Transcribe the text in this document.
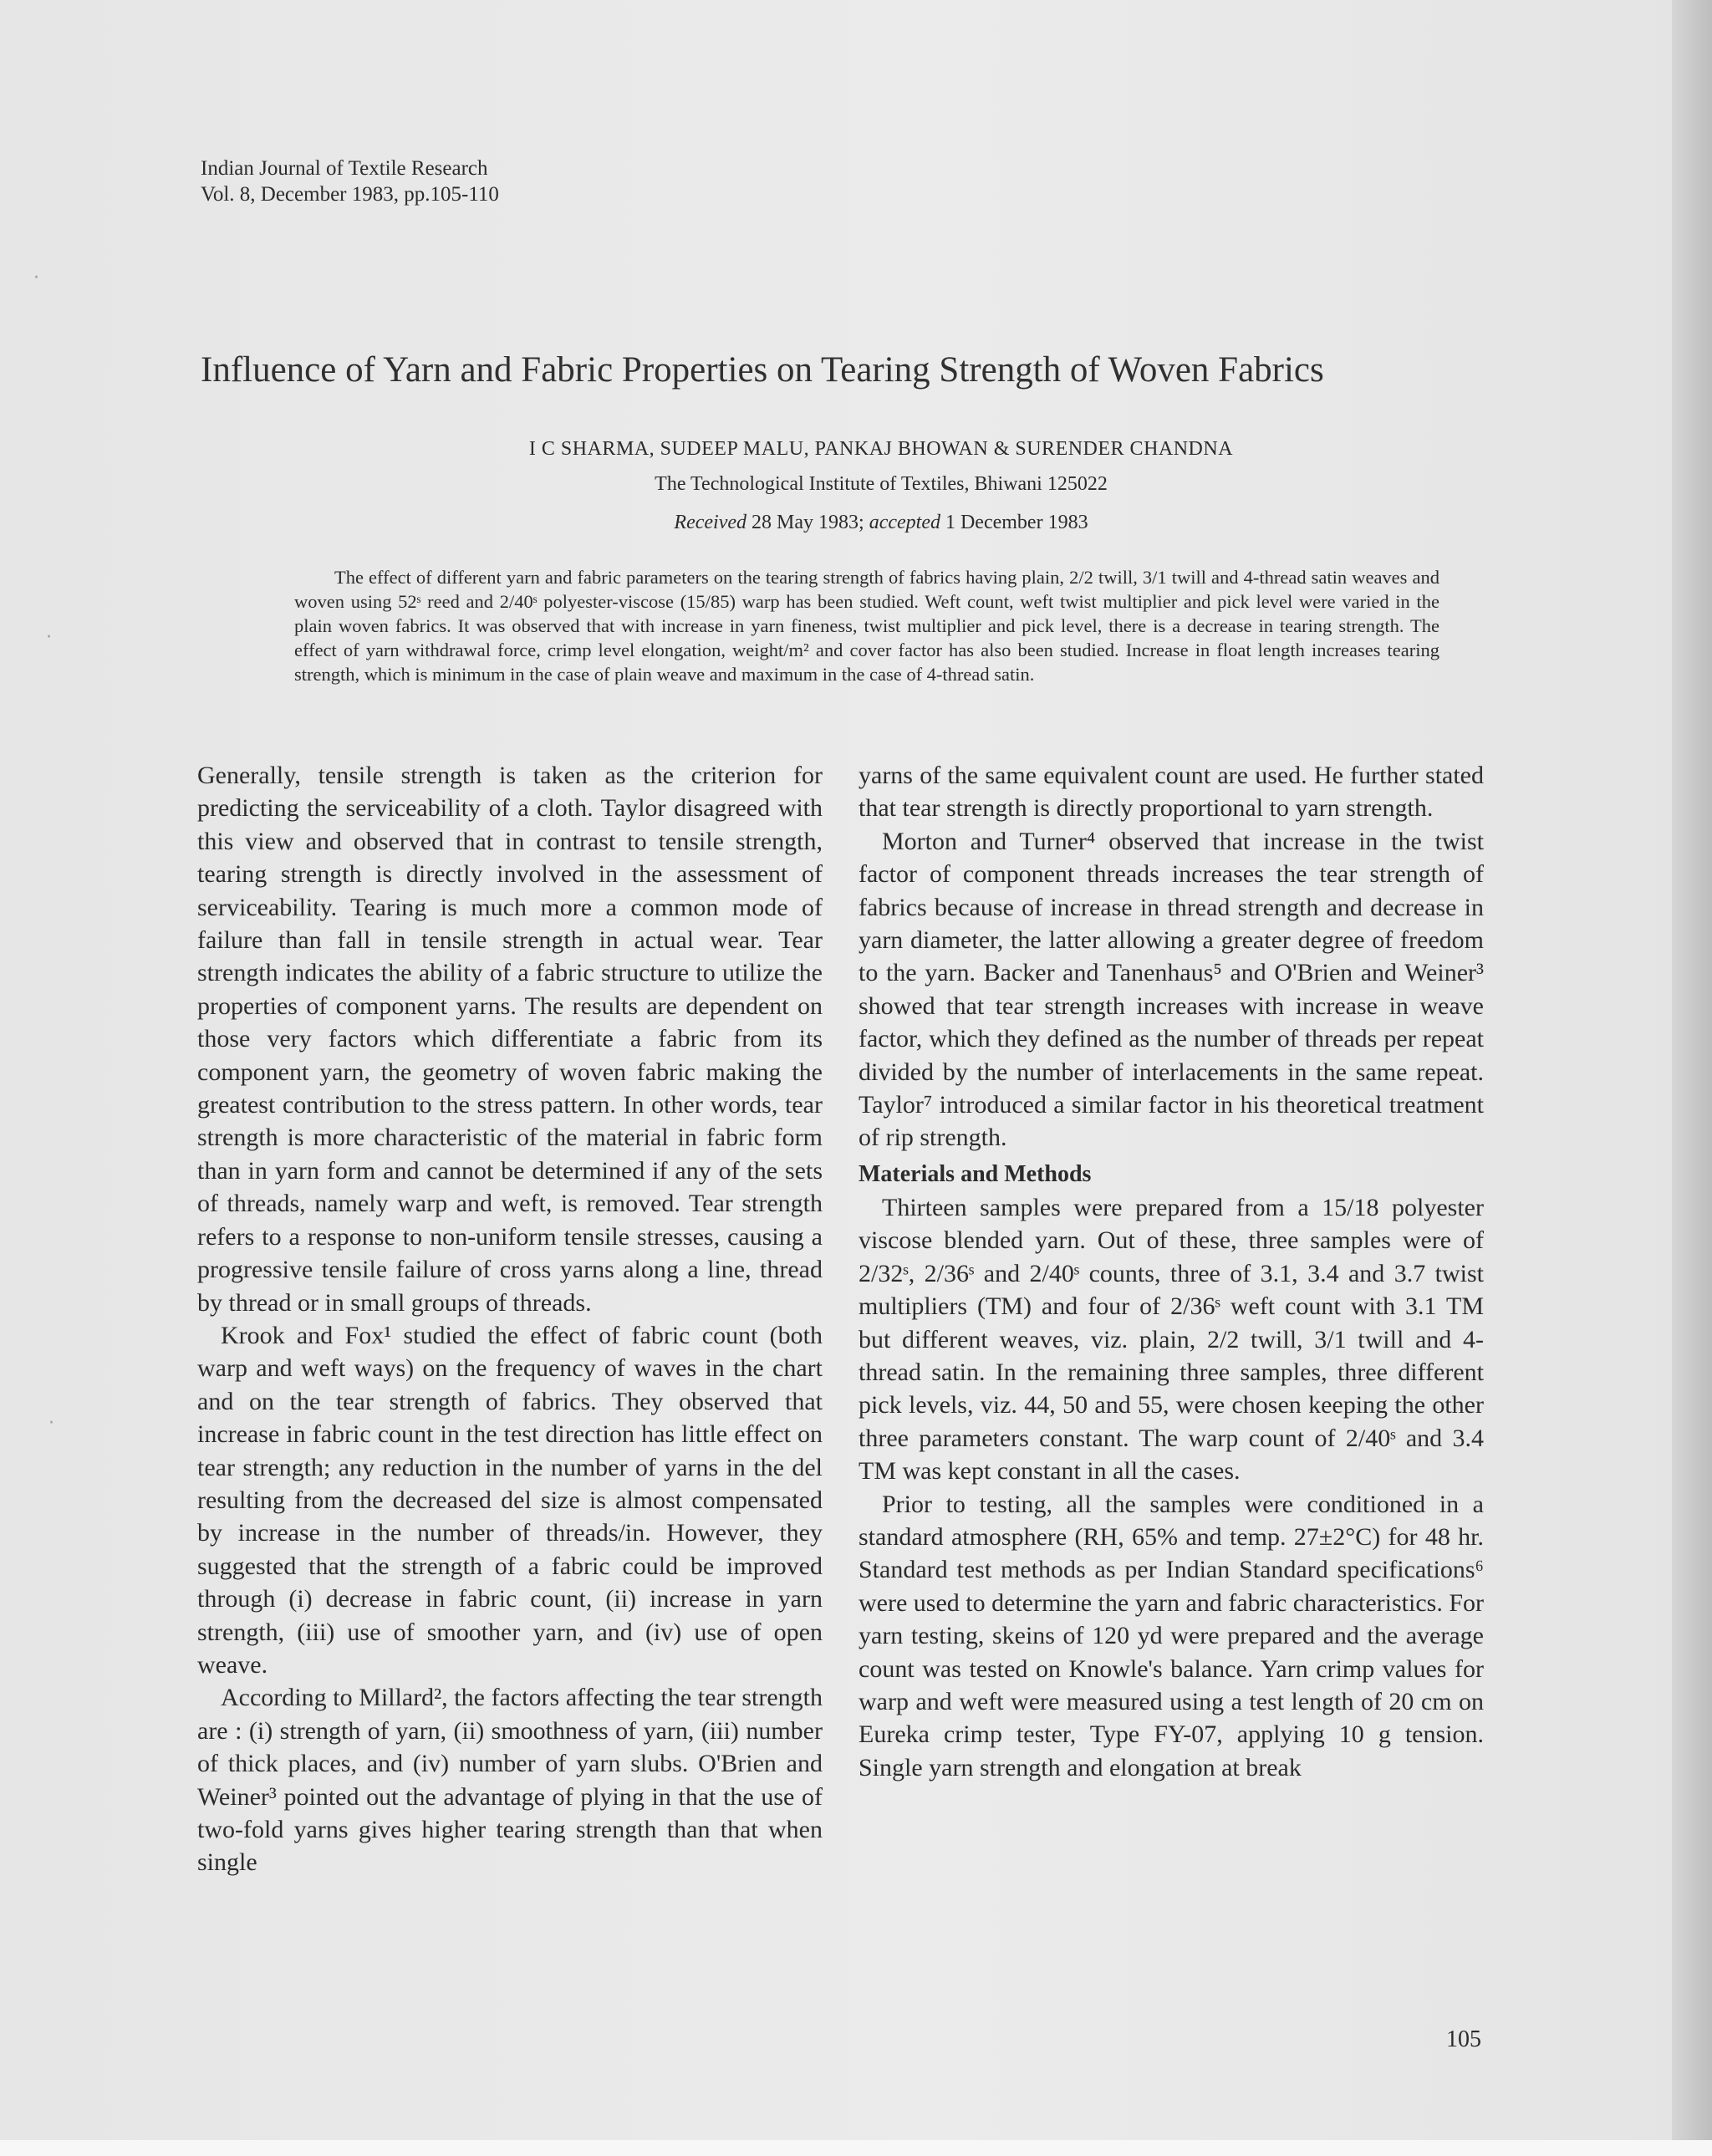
·
·
·
Indian Journal of Textile Research
Vol. 8, December 1983, pp.105-110
Influence of Yarn and Fabric Properties on Tearing Strength of Woven Fabrics
I C SHARMA, SUDEEP MALU, PANKAJ BHOWAN & SURENDER CHANDNA
The Technological Institute of Textiles, Bhiwani 125022
Received 28 May 1983; accepted 1 December 1983
The effect of different yarn and fabric parameters on the tearing strength of fabrics having plain, 2/2 twill, 3/1 twill and 4-thread satin weaves and woven using 52ˢ reed and 2/40ˢ polyester-viscose (15/85) warp has been studied. Weft count, weft twist multiplier and pick level were varied in the plain woven fabrics. It was observed that with increase in yarn fineness, twist multiplier and pick level, there is a decrease in tearing strength. The effect of yarn withdrawal force, crimp level elongation, weight/m² and cover factor has also been studied. Increase in float length increases tearing strength, which is minimum in the case of plain weave and maximum in the case of 4-thread satin.

Generally, tensile strength is taken as the criterion for predicting the serviceability of a cloth. Taylor disagreed with this view and observed that in contrast to tensile strength, tearing strength is directly involved in the assessment of serviceability. Tearing is much more a common mode of failure than fall in tensile strength in actual wear. Tear strength indicates the ability of a fabric structure to utilize the properties of component yarns. The results are dependent on those very factors which differentiate a fabric from its component yarn, the geometry of woven fabric making the greatest contribution to the stress pattern. In other words, tear strength is more characteristic of the material in fabric form than in yarn form and cannot be determined if any of the sets of threads, namely warp and weft, is removed. Tear strength refers to a response to non-uniform tensile stresses, causing a progressive tensile failure of cross yarns along a line, thread by thread or in small groups of threads.

Krook and Fox¹ studied the effect of fabric count (both warp and weft ways) on the frequency of waves in the chart and on the tear strength of fabrics. They observed that increase in fabric count in the test direction has little effect on tear strength; any reduction in the number of yarns in the del resulting from the decreased del size is almost compensated by increase in the number of threads/in. However, they suggested that the strength of a fabric could be improved through (i) decrease in fabric count, (ii) increase in yarn strength, (iii) use of smoother yarn, and (iv) use of open weave.

According to Millard², the factors affecting the tear strength are : (i) strength of yarn, (ii) smoothness of yarn, (iii) number of thick places, and (iv) number of yarn slubs. O'Brien and Weiner³ pointed out the advantage of plying in that the use of two-fold yarns gives higher tearing strength than that when single

yarns of the same equivalent count are used. He further stated that tear strength is directly proportional to yarn strength.

Morton and Turner⁴ observed that increase in the twist factor of component threads increases the tear strength of fabrics because of increase in thread strength and decrease in yarn diameter, the latter allowing a greater degree of freedom to the yarn. Backer and Tanenhaus⁵ and O'Brien and Weiner³ showed that tear strength increases with increase in weave factor, which they defined as the number of threads per repeat divided by the number of interlacements in the same repeat. Taylor⁷ introduced a similar factor in his theoretical treatment of rip strength.

Materials and Methods

Thirteen samples were prepared from a 15/18 polyester viscose blended yarn. Out of these, three samples were of 2/32ˢ, 2/36ˢ and 2/40ˢ counts, three of 3.1, 3.4 and 3.7 twist multipliers (TM) and four of 2/36ˢ weft count with 3.1 TM but different weaves, viz. plain, 2/2 twill, 3/1 twill and 4-thread satin. In the remaining three samples, three different pick levels, viz. 44, 50 and 55, were chosen keeping the other three parameters constant. The warp count of 2/40ˢ and 3.4 TM was kept constant in all the cases.

Prior to testing, all the samples were conditioned in a standard atmosphere (RH, 65% and temp. 27±2°C) for 48 hr. Standard test methods as per Indian Standard specifications⁶ were used to determine the yarn and fabric characteristics. For yarn testing, skeins of 120 yd were prepared and the average count was tested on Knowle's balance. Yarn crimp values for warp and weft were measured using a test length of 20 cm on Eureka crimp tester, Type FY-07, applying 10 g tension. Single yarn strength and elongation at break

105
